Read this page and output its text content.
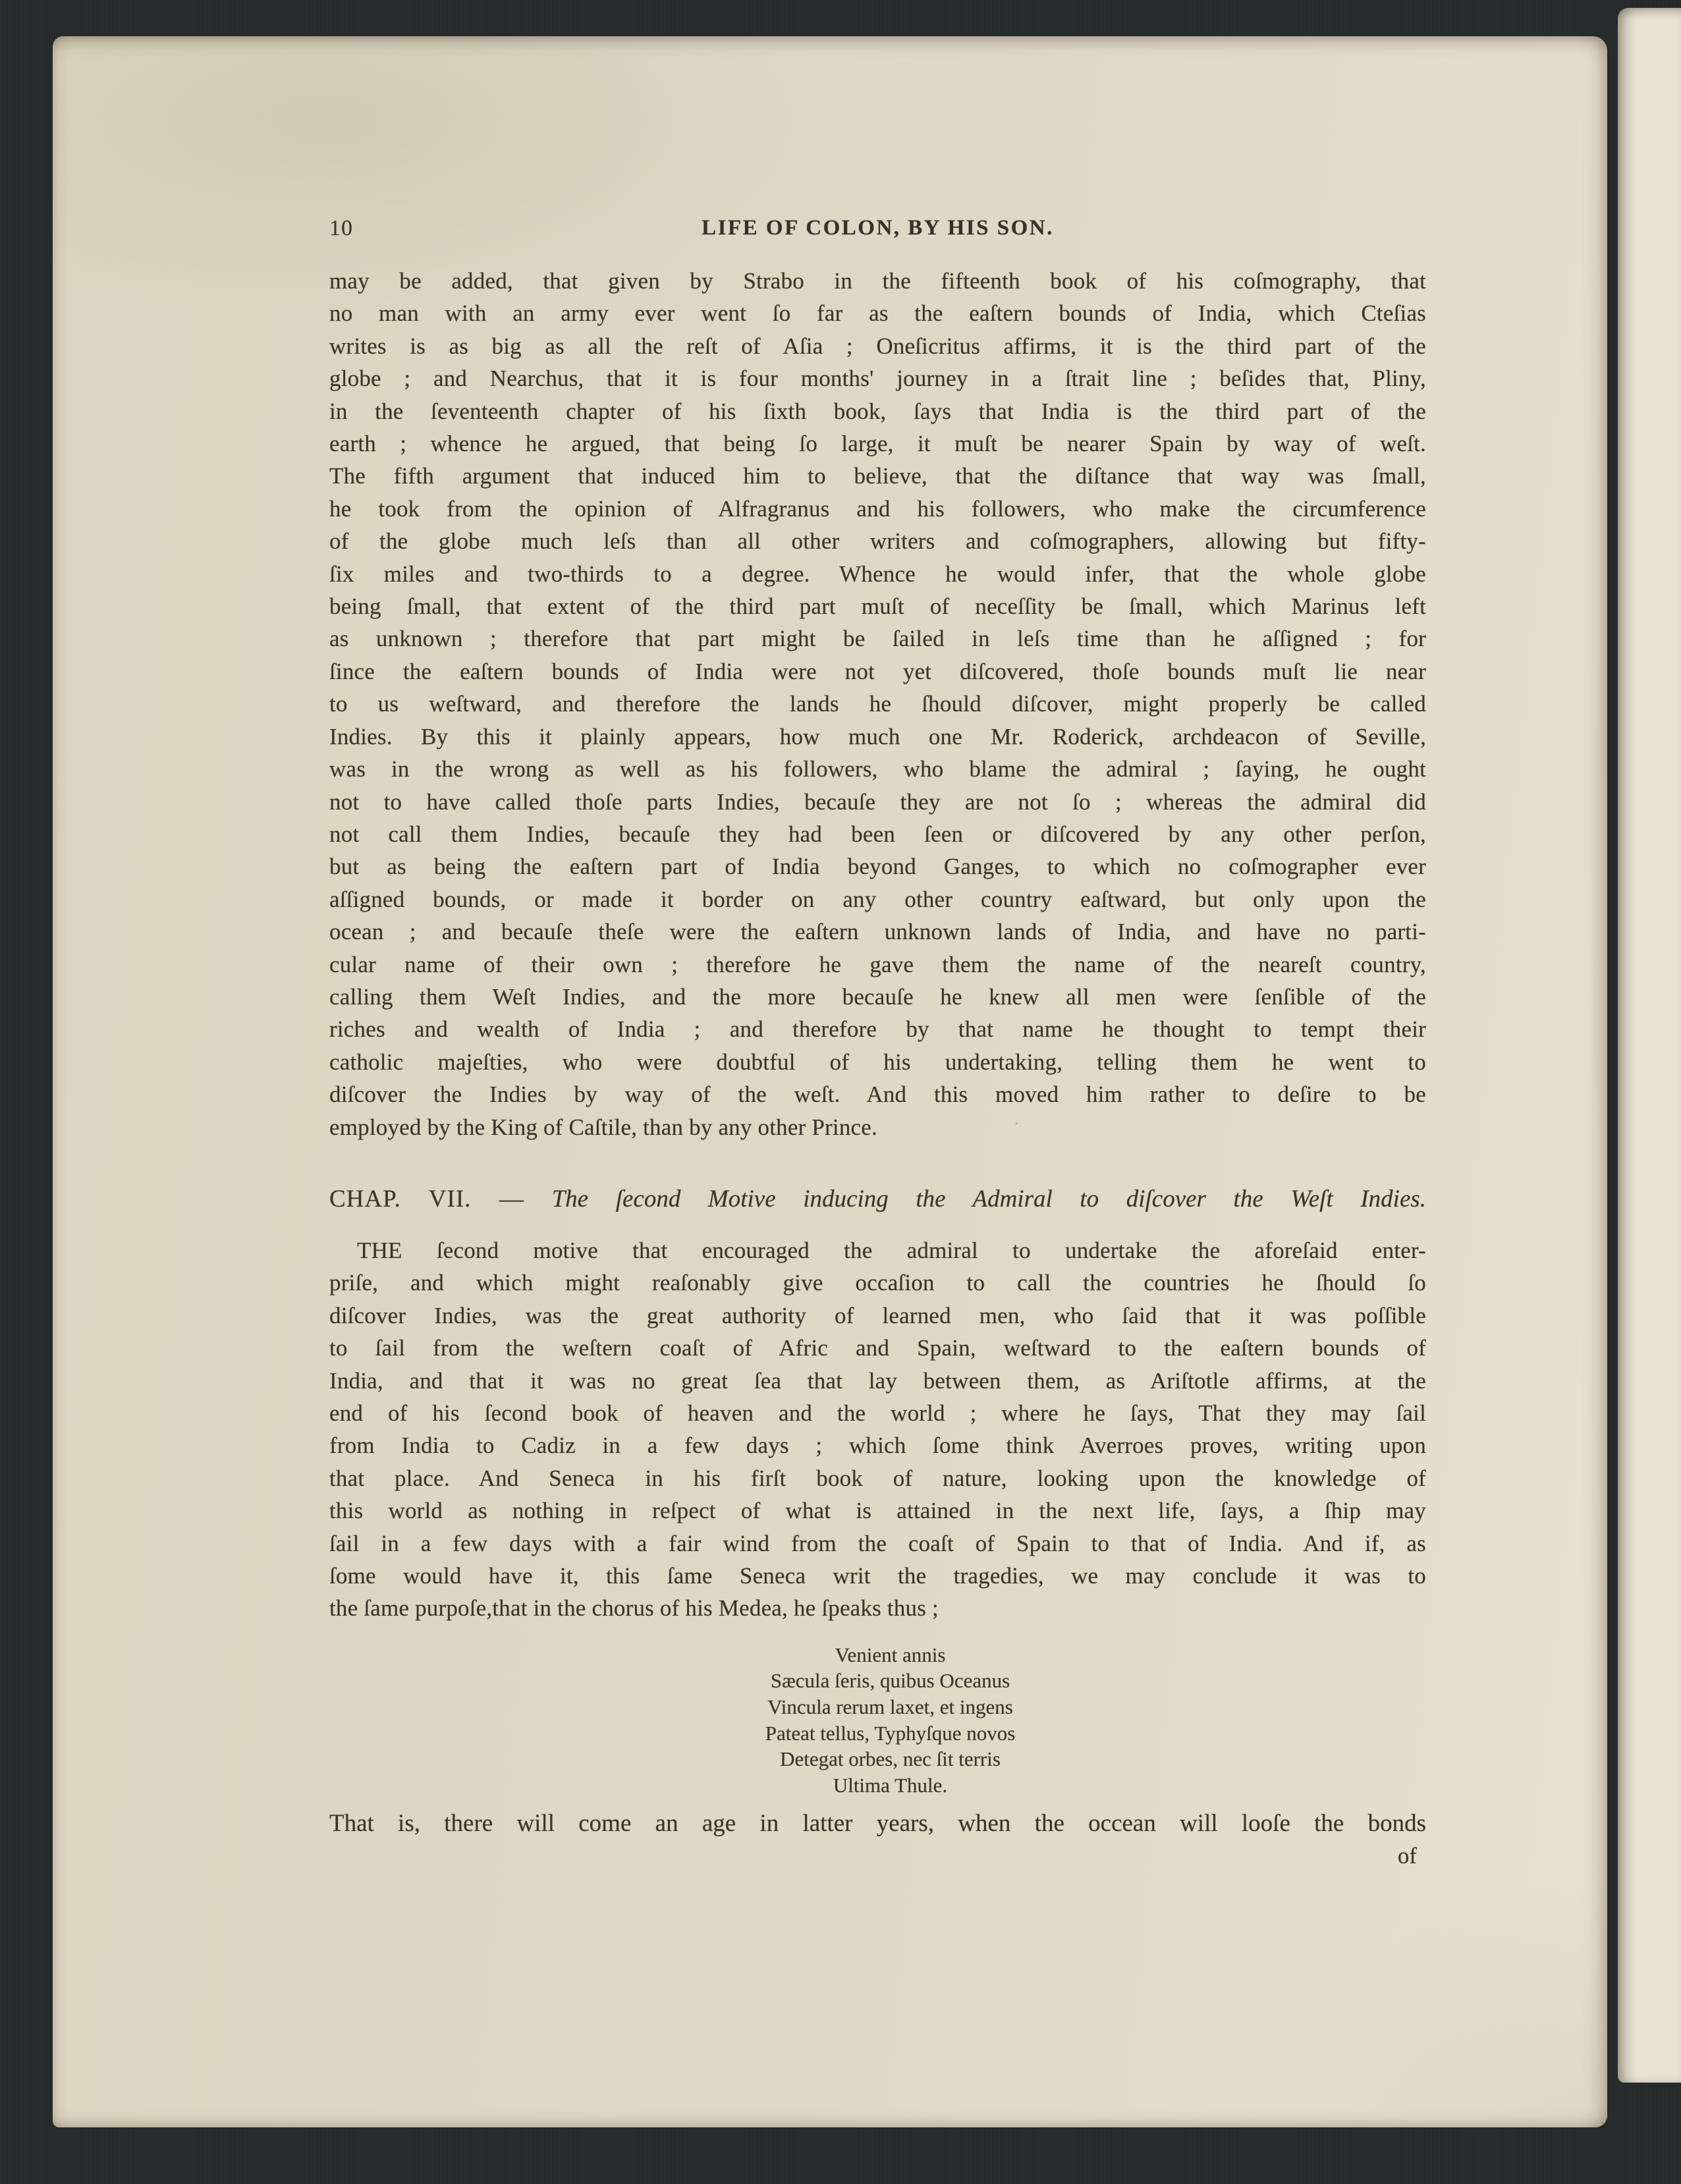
10	LIFE OF COLON, BY HIS SON.
may be added, that given by Strabo in the fifteenth book of his coſmography, that
no man with an army ever went ſo far as the eaſtern bounds of India, which Cteſias
writes is as big as all the reſt of Aſia ; Oneſicritus affirms, it is the third part of the
globe ; and Nearchus, that it is four months' journey in a ſtrait line ; beſides that, Pliny,
in the ſeventeenth chapter of his ſixth book, ſays that India is the third part of the
earth ; whence he argued, that being ſo large, it muſt be nearer Spain by way of weſt.
The fifth argument that induced him to believe, that the diſtance that way was ſmall,
he took from the opinion of Alfragranus and his followers, who make the circumference
of the globe much leſs than all other writers and coſmographers, allowing but fifty-
ſix miles and two-thirds to a degree. Whence he would infer, that the whole globe
being ſmall, that extent of the third part muſt of neceſſity be ſmall, which Marinus left
as unknown ; therefore that part might be ſailed in leſs time than he aſſigned ; for
ſince the eaſtern bounds of India were not yet diſcovered, thoſe bounds muſt lie near
to us weſtward, and therefore the lands he ſhould diſcover, might properly be called
Indies. By this it plainly appears, how much one Mr. Roderick, archdeacon of Seville,
was in the wrong as well as his followers, who blame the admiral ; ſaying, he ought
not to have called thoſe parts Indies, becauſe they are not ſo ; whereas the admiral did
not call them Indies, becauſe they had been ſeen or diſcovered by any other perſon,
but as being the eaſtern part of India beyond Ganges, to which no coſmographer ever
aſſigned bounds, or made it border on any other country eaſtward, but only upon the
ocean ; and becauſe theſe were the eaſtern unknown lands of India, and have no parti-
cular name of their own ; therefore he gave them the name of the neareſt country,
calling them Weſt Indies, and the more becauſe he knew all men were ſenſible of the
riches and wealth of India ; and therefore by that name he thought to tempt their
catholic majeſties, who were doubtful of his undertaking, telling them he went to
diſcover the Indies by way of the weſt. And this moved him rather to deſire to be
employed by the King of Caſtile, than by any other Prince.
CHAP. VII. — The ſecond Motive inducing the Admiral to diſcover the Weſt Indies.
THE ſecond motive that encouraged the admiral to undertake the aforeſaid enter-
priſe, and which might reaſonably give occaſion to call the countries he ſhould ſo
diſcover Indies, was the great authority of learned men, who ſaid that it was poſſible
to ſail from the weſtern coaſt of Afric and Spain, weſtward to the eaſtern bounds of
India, and that it was no great ſea that lay between them, as Ariſtotle affirms, at the
end of his ſecond book of heaven and the world ; where he ſays, That they may ſail
from India to Cadiz in a few days ; which ſome think Averroes proves, writing upon
that place. And Seneca in his firſt book of nature, looking upon the knowledge of
this world as nothing in reſpect of what is attained in the next life, ſays, a ſhip may
ſail in a few days with a fair wind from the coaſt of Spain to that of India. And if, as
ſome would have it, this ſame Seneca writ the tragedies, we may conclude it was to
the ſame purpoſe,that in the chorus of his Medea, he ſpeaks thus ;
Venient annis
Sæcula ſeris, quibus Oceanus
Vincula rerum laxet, et ingens
Pateat tellus, Typhyſque novos
Detegat orbes, nec ſit terris
Ultima Thule.
That is, there will come an age in latter years, when the occean will looſe the bonds
of
